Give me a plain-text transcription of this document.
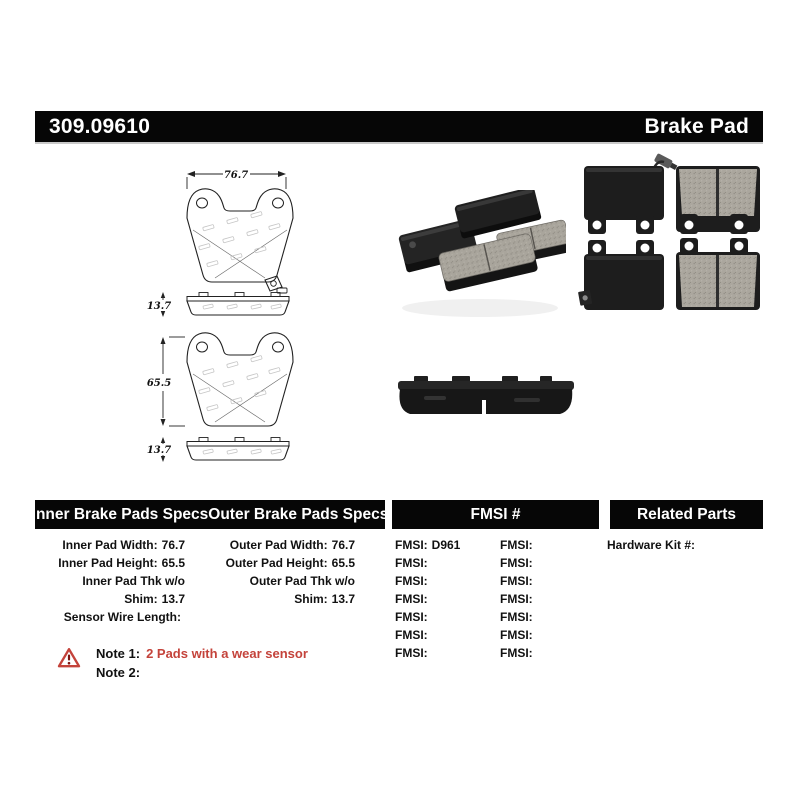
309.09610	Brake Pad
76.7
13.7
65.5
13.7
Inner Brake Pads Specs Outer Brake Pads Specs	FMSI #	Related Parts
Inner Pad Width: 76.7
Inner Pad Height: 65.5
Inner Pad Thk w/o Shim: 13.7
Sensor Wire Length:
Outer Pad Width: 76.7
Outer Pad Height: 65.5
Outer Pad Thk w/o Shim: 13.7
FMSI: D961
FMSI:
FMSI:
FMSI:
FMSI:
FMSI:
FMSI:
FMSI:
FMSI:
FMSI:
FMSI:
FMSI:
FMSI:
FMSI:
Hardware Kit #:
Note 1: 2 Pads with a wear sensor
Note 2:
